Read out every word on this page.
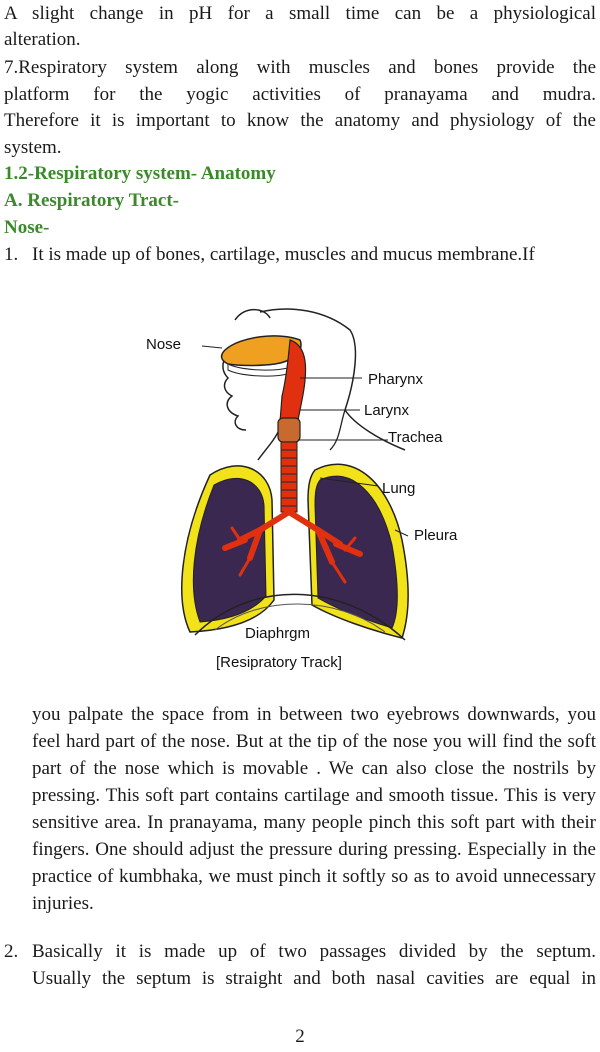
A slight change in pH for a small time can be a physiological
alteration.
7.Respiratory system along with muscles and bones provide the
platform for the yogic activities of pranayama and mudra.
Therefore it is important to know the anatomy and physiology of the
system.
1.2-Respiratory system- Anatomy
A. Respiratory Tract-
Nose-
1. It is made up of bones, cartilage, muscles and mucus membrane.If
Nose
Pharynx
Larynx
Trachea
Lung
Pleura
Diaphrgm
[Resipratory Track]

you palpate the space from in between two eyebrows downwards, you feel hard part of the nose. But at the tip of the nose you will find the soft part of the nose which is movable . We can also close the nostrils by pressing. This soft part contains cartilage and smooth tissue. This is very sensitive area. In pranayama, many people pinch this soft part with their fingers. One should adjust the pressure during pressing. Especially in the practice of kumbhaka, we must pinch it softly so as to avoid unnecessary injuries.

2. Basically it is made up of two passages divided by the septum.
Usually the septum is straight and both nasal cavities are equal in
2
